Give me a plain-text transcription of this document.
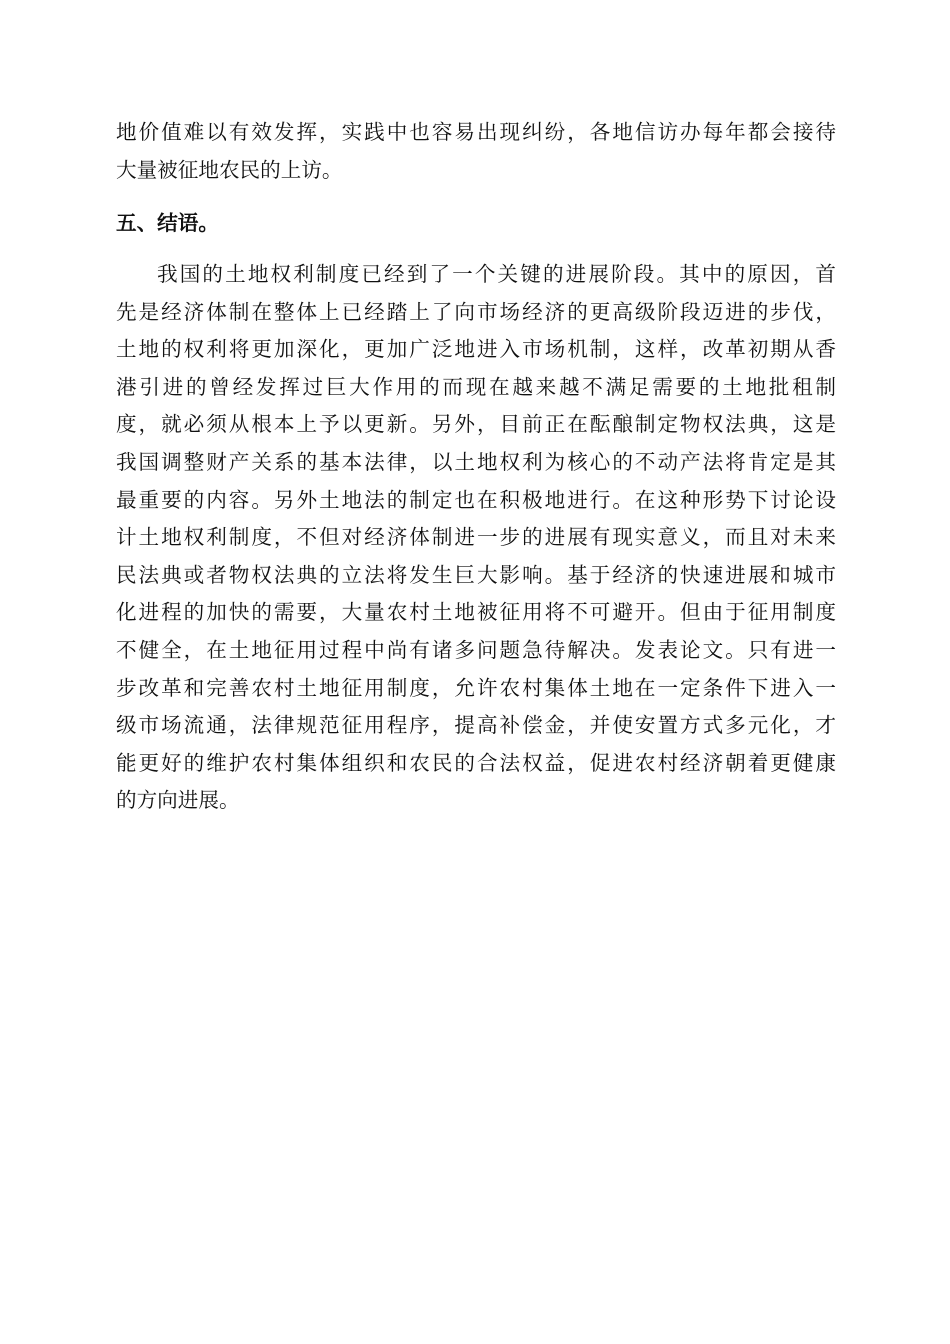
地价值难以有效发挥，实践中也容易出现纠纷，各地信访办每年都会接待
大量被征地农民的上访。
五、结语。
我国的土地权利制度已经到了一个关键的进展阶段。其中的原因，首
先是经济体制在整体上已经踏上了向市场经济的更高级阶段迈进的步伐，
土地的权利将更加深化，更加广泛地进入市场机制，这样，改革初期从香
港引进的曾经发挥过巨大作用的而现在越来越不满足需要的土地批租制
度，就必须从根本上予以更新。另外，目前正在酝酿制定物权法典，这是
我国调整财产关系的基本法律，以土地权利为核心的不动产法将肯定是其
最重要的内容。另外土地法的制定也在积极地进行。在这种形势下讨论设
计土地权利制度，不但对经济体制进一步的进展有现实意义，而且对未来
民法典或者物权法典的立法将发生巨大影响。基于经济的快速进展和城市
化进程的加快的需要，大量农村土地被征用将不可避开。但由于征用制度
不健全，在土地征用过程中尚有诸多问题急待解决。发表论文。只有进一
步改革和完善农村土地征用制度，允许农村集体土地在一定条件下进入一
级市场流通，法律规范征用程序，提高补偿金，并使安置方式多元化，才
能更好的维护农村集体组织和农民的合法权益，促进农村经济朝着更健康
的方向进展。
